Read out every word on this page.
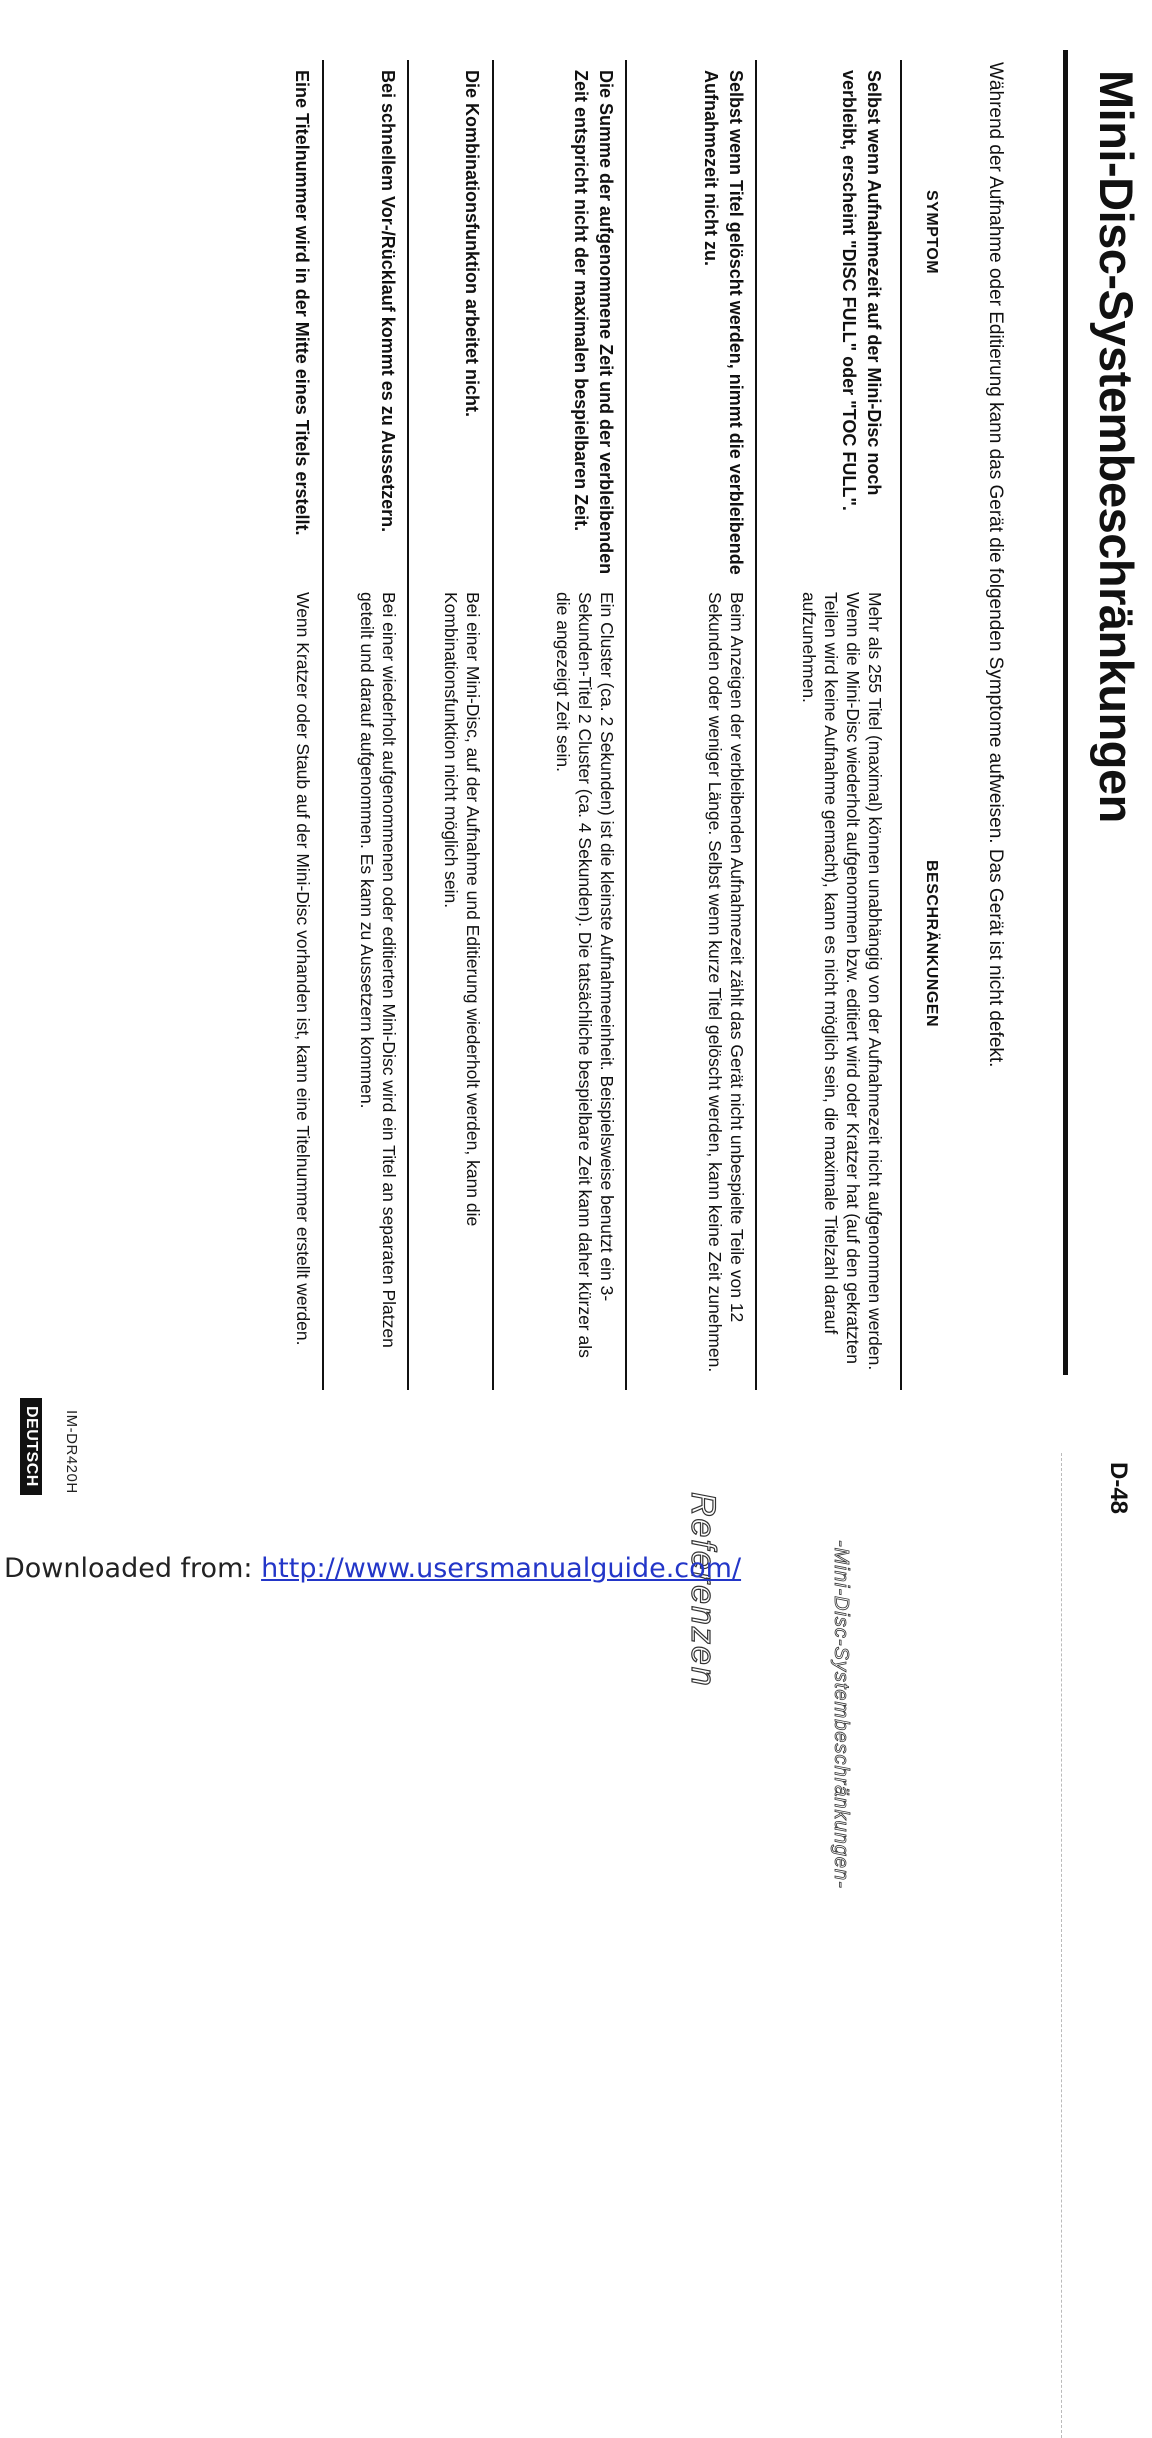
Mini-Disc-Systembeschränkungen
Während der Aufnahme oder Editierung kann das Gerät die folgenden Symptome aufweisen. Das Gerät ist nicht defekt.
SYMPTOM
BESCHRÄNKUNGEN
Selbst wenn Aufnahmezeit auf der Mini-Disc noch verbleibt, erscheint "DISC FULL" oder "TOC FULL".
Mehr als 255 Titel (maximal) können unabhängig von der Aufnahmezeit nicht aufgenommen werden. Wenn die Mini-Disc wiederholt aufgenommen bzw. editiert wird oder Kratzer hat (auf den gekratzten Teilen wird keine Aufnahme gemacht), kann es nicht möglich sein, die maximale Titelzahl darauf aufzunehmen.
Selbst wenn Titel gelöscht werden, nimmt die verbleibende Aufnahmezeit nicht zu.
Beim Anzeigen der verbleibenden Aufnahmezeit zählt das Gerät nicht unbespielte Teile von 12 Sekunden oder weniger Länge. Selbst wenn kurze Titel gelöscht werden, kann keine Zeit zunehmen.
Die Summe der aufgenommene Zeit und der verbleibenden Zeit entspricht nicht der maximalen bespielbaren Zeit.
Ein Cluster (ca. 2 Sekunden) ist die kleinste Aufnahmeeinheit. Beispielsweise benutzt ein 3-Sekunden-Titel 2 Cluster (ca. 4 Sekunden). Die tatsächliche bespielbare Zeit kann daher kürzer als die angezeigt Zeit sein.
Die Kombinationsfunktion arbeitet nicht.
Bei einer Mini-Disc, auf der Aufnahme und Editierung wiederholt werden, kann die Kombinationsfunktion nicht möglich sein.
Bei schnellem Vor-/Rücklauf kommt es zu Aussetzern.
Bei einer wiederholt aufgenommenen oder editierten Mini-Disc wird ein Titel an separaten Platzen geteilt und darauf aufgenommen. Es kann zu Aussetzern kommen.
Eine Titelnummer wird in der Mitte eines Titels erstellt.
Wenn Kratzer oder Staub auf der Mini-Disc vorhanden ist, kann eine Titelnummer erstellt werden.
IM-DR420H
DEUTSCH
Referenzen	-Mini-Disc-Systembeschränkungen-
D-48
Downloaded from: http://www.usersmanualguide.com/
